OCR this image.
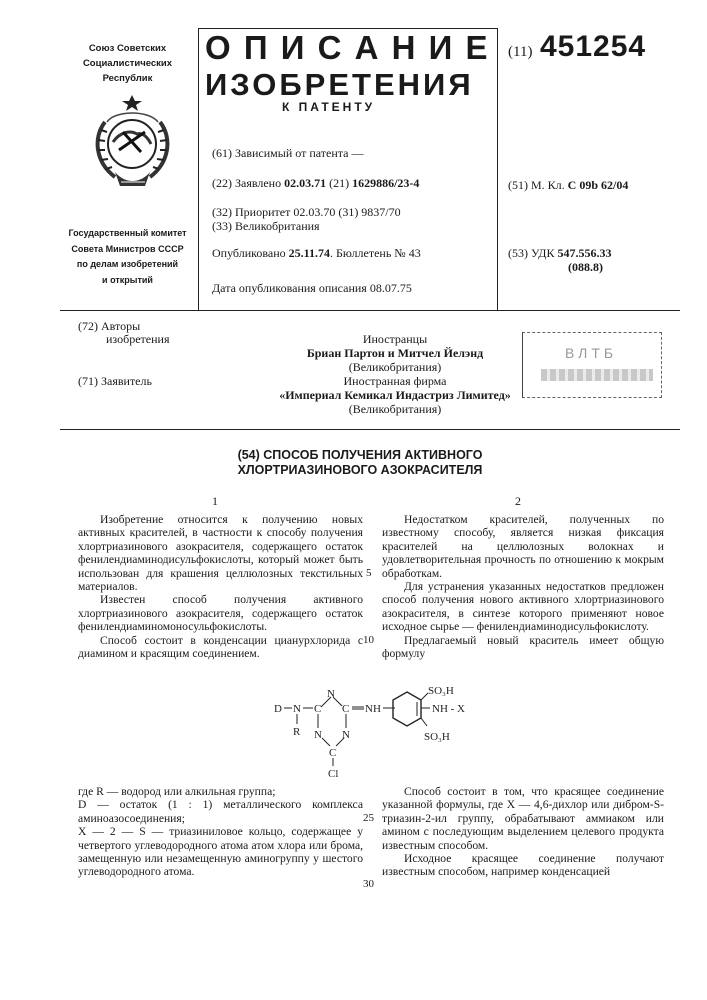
Союз Советских
Социалистических
Республик
Государственный комитет
Совета Министров СССР
по делам изобретений
и открытий
О П И С А Н И Е
ИЗОБРЕТЕНИЯ
К ПАТЕНТУ
(11) 451254
(61) Зависимый от патента —
(22) Заявлено 02.03.71 (21) 1629886/23-4
(32) Приоритет 02.03.70 (31) 9837/70
(33) Великобритания
Опубликовано 25.11.74. Бюллетень № 43
Дата опубликования описания 08.07.75
(51) М. Кл. С 09b 62/04
(53) УДК 547.556.33
(088.8)
(72) Авторы
изобретения
(71) Заявитель
Иностранцы
Бриан Партон и Митчел Йелэнд
(Великобритания)
Иностранная фирма
«Империал Кемикал Индастриз Лимитед»
(Великобритания)
ВЛТБ
(54) СПОСОБ ПОЛУЧЕНИЯ АКТИВНОГО
ХЛОРТРИАЗИНОВОГО АЗОКРАСИТЕЛЯ
1	2

Изобретение относится к получению новых активных красителей, в частности к способу получения хлортриазинового азокрасителя, содержащего остаток фенилендиаминодисульфокислоты, который может быть использован для крашения целлюлозных текстильных материалов.

Известен способ получения активного хлортриазинового азокрасителя, содержащего остаток фенилендиаминомоносульфокислоты.

Способ состоит в конденсации цианурхлорида с диамином и красящим соединением.

Недостатком красителей, полученных по известному способу, является низкая фиксация красителей на целлюлозных волокнах и удовлетворительная прочность по отношению к мокрым обработкам.

Для устранения указанных недостатков предложен способ получения нового активного хлортриазинового азокрасителя, в синтезе которого применяют новое исходное сырье — фенилендиаминодисульфокислоту.

Предлагаемый новый краситель имеет общую формулу

5
10
25
30
D N
R
C C
N
N N
C
Cl
NH
SO₃H
NH - X
SO₃H

где R — водород или алкильная группа;

D — остаток (1 : 1) металлического комплекса аминоазосоединения;

X — 2 — S — триазиниловое кольцо, содержащее у четвертого углеводородного атома атом хлора или брома, замещенную или незамещенную аминогруппу у шестого углеводородного атома.

Способ состоит в том, что красящее соединение указанной формулы, где X — 4,6-дихлор или дибром-S-триазин-2-ил группу, обрабатывают аммиаком или амином с последующим выделением целевого продукта известным способом.

Исходное красящее соединение получают известным способом, например конденсацией
